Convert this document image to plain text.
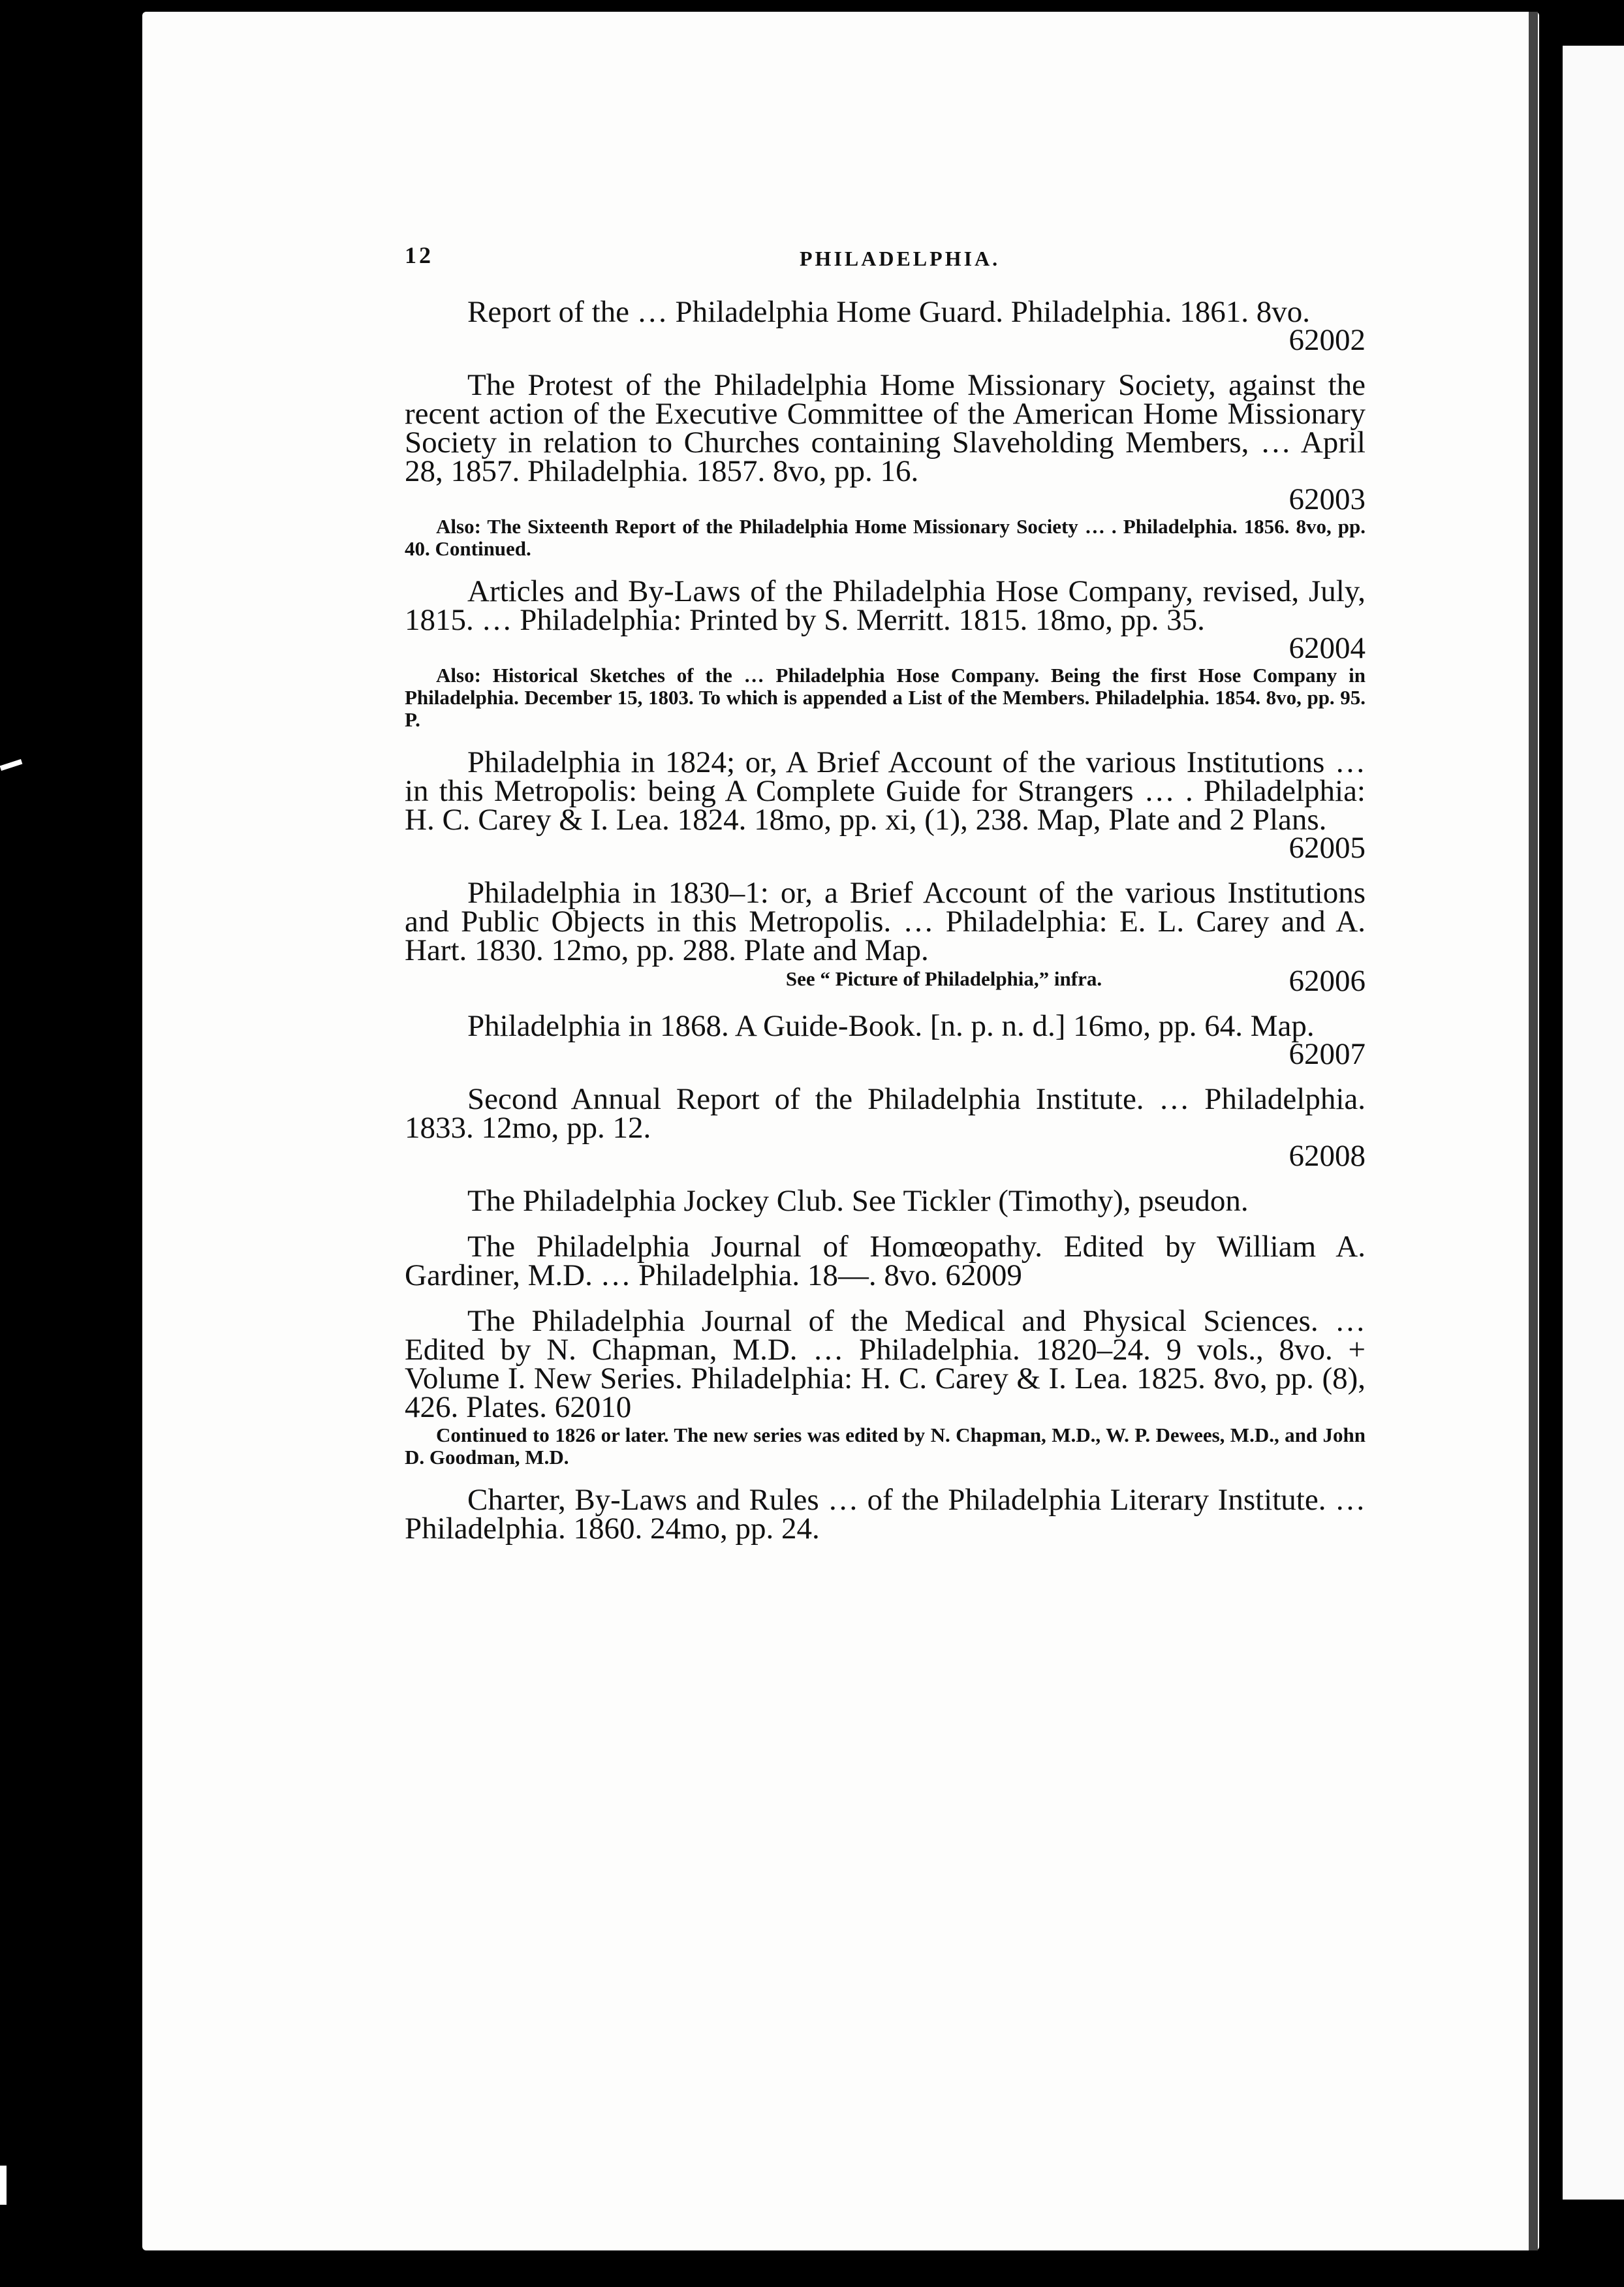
12	PHILADELPHIA.

Report of the … Philadelphia Home Guard. Philadelphia. 1861. 8vo.

62002

The Protest of the Philadelphia Home Missionary Society, against the recent action of the Executive Committee of the American Home Missionary Society in relation to Churches containing Slaveholding Members, … April 28, 1857. Philadelphia. 1857. 8vo, pp. 16.

62003

Also: The Sixteenth Report of the Philadelphia Home Missionary Society … . Philadelphia. 1856. 8vo, pp. 40. Continued.

Articles and By-Laws of the Philadelphia Hose Company, revised, July, 1815. … Philadelphia: Printed by S. Merritt. 1815. 18mo, pp. 35.

62004

Also: Historical Sketches of the … Philadelphia Hose Company. Being the first Hose Company in Philadelphia. December 15, 1803. To which is appended a List of the Members. Philadelphia. 1854. 8vo, pp. 95. P.

Philadelphia in 1824; or, A Brief Account of the various Institutions … in this Metropolis: being A Complete Guide for Strangers … . Philadelphia: H. C. Carey & I. Lea. 1824. 18mo, pp. xi, (1), 238. Map, Plate and 2 Plans.

62005

Philadelphia in 1830–1: or, a Brief Account of the various Institutions and Public Objects in this Metropolis. … Philadelphia: E. L. Carey and A. Hart. 1830. 12mo, pp. 288. Plate and Map.

See “ Picture of Philadelphia,” infra.	62006

Philadelphia in 1868. A Guide-Book. [n. p. n. d.] 16mo, pp. 64. Map.

62007

Second Annual Report of the Philadelphia Institute. … Philadelphia. 1833. 12mo, pp. 12.

62008

The Philadelphia Jockey Club. See Tickler (Timothy), pseudon.

The Philadelphia Journal of Homœopathy. Edited by William A. Gardiner, M.D. … Philadelphia. 18—. 8vo. 62009

The Philadelphia Journal of the Medical and Physical Sciences. … Edited by N. Chapman, M.D. … Philadelphia. 1820–24. 9 vols., 8vo. + Volume I. New Series. Philadelphia: H. C. Carey & I. Lea. 1825. 8vo, pp. (8), 426. Plates. 62010

Continued to 1826 or later. The new series was edited by N. Chapman, M.D., W. P. Dewees, M.D., and John D. Goodman, M.D.

Charter, By-Laws and Rules … of the Philadelphia Literary Institute. … Philadelphia. 1860. 24mo, pp. 24.
